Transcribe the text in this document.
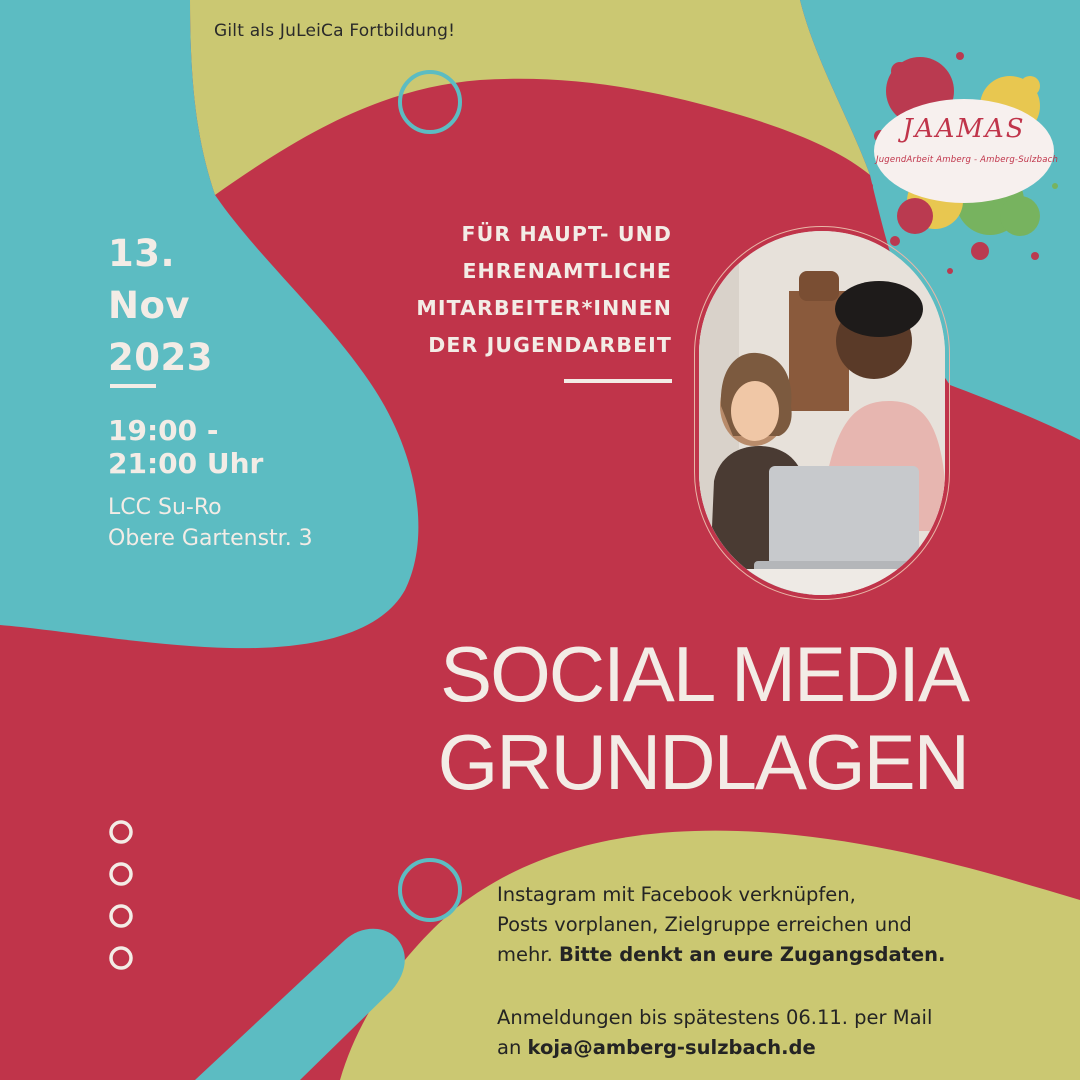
JAAMAS
JugendArbeit Amberg - Amberg-Sulzbach
Gilt als JuLeiCa Fortbildung!
13.
Nov
2023
19:00 -
21:00 Uhr
LCC Su-Ro
Obere Gartenstr. 3
FÜR HAUPT- UND
EHRENAMTLICHE
MITARBEITER*INNEN
DER JUGENDARBEIT
SOCIAL MEDIA
GRUNDLAGEN
Instagram mit Facebook verknüpfen,
Posts vorplanen, Zielgruppe erreichen und
mehr. Bitte denkt an eure Zugangsdaten.
Anmeldungen bis spätestens 06.11. per Mail
an koja@amberg-sulzbach.de
